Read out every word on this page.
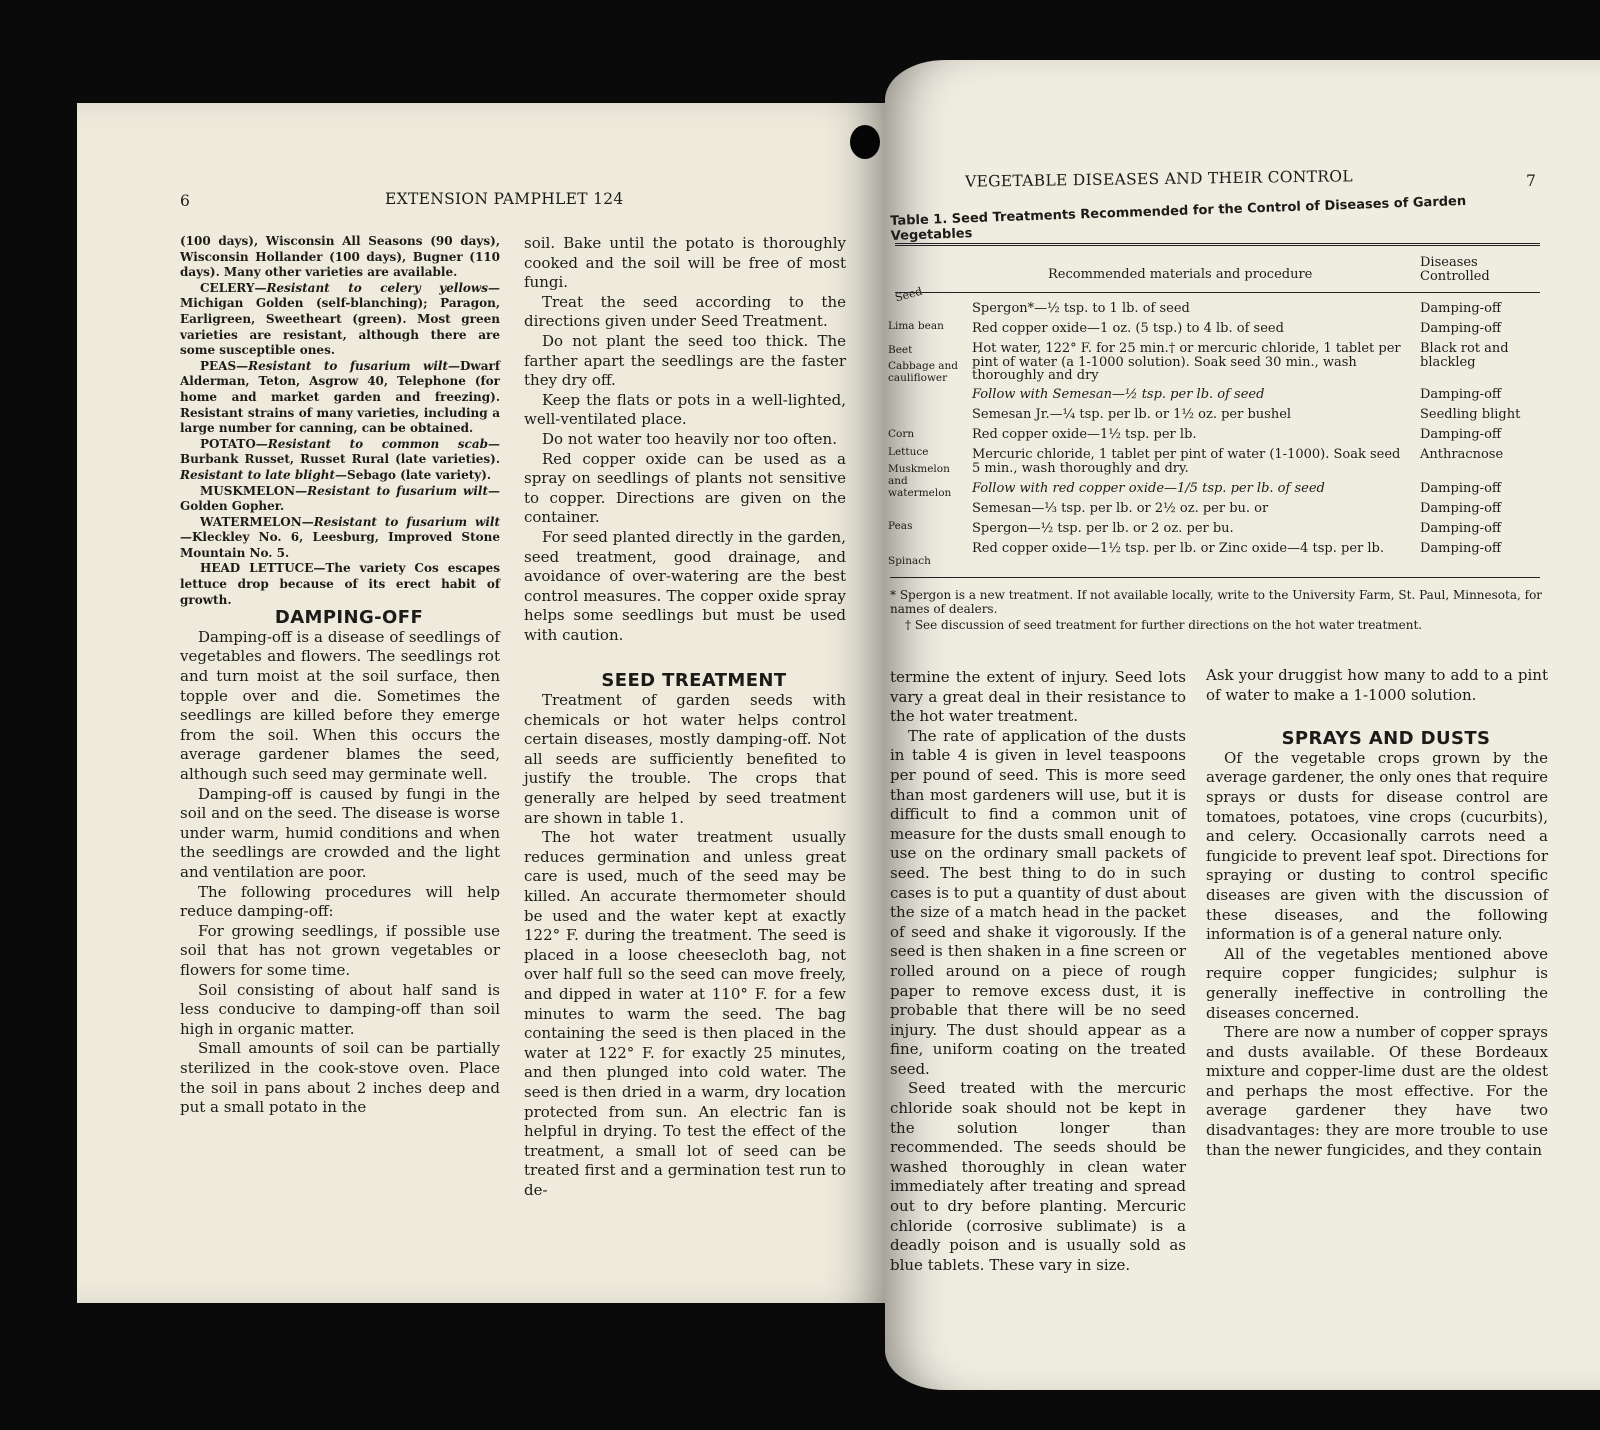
6	EXTENSION PAMPHLET 124

(100 days), Wisconsin All Seasons (90 days), Wisconsin Hollander (100 days), Bugner (110 days). Many other varieties are available.

CELERY—Resistant to celery yellows—Michigan Golden (self-blanching); Paragon, Earligreen, Sweetheart (green). Most green varieties are resistant, although there are some susceptible ones.

PEAS—Resistant to fusarium wilt—Dwarf Alderman, Teton, Asgrow 40, Telephone (for home and market garden and freezing). Resistant strains of many varieties, including a large number for canning, can be obtained.

POTATO—Resistant to common scab—Burbank Russet, Russet Rural (late varieties). Resistant to late blight—Sebago (late variety).

MUSKMELON—Resistant to fusarium wilt—Golden Gopher.

WATERMELON—Resistant to fusarium wilt—Kleckley No. 6, Leesburg, Improved Stone Mountain No. 5.

HEAD LETTUCE—The variety Cos escapes lettuce drop because of its erect habit of growth.

DAMPING-OFF

Damping-off is a disease of seedlings of vegetables and flowers. The seedlings rot and turn moist at the soil surface, then topple over and die. Sometimes the seedlings are killed before they emerge from the soil. When this occurs the average gardener blames the seed, although such seed may germinate well.

Damping-off is caused by fungi in the soil and on the seed. The disease is worse under warm, humid conditions and when the seedlings are crowded and the light and ventilation are poor.

The following procedures will help reduce damping-off:

For growing seedlings, if possible use soil that has not grown vegetables or flowers for some time.

Soil consisting of about half sand is less conducive to damping-off than soil high in organic matter.

Small amounts of soil can be partially sterilized in the cook-stove oven. Place the soil in pans about 2 inches deep and put a small potato in the

soil. Bake until the potato is thoroughly cooked and the soil will be free of most fungi.

Treat the seed according to the directions given under Seed Treatment.

Do not plant the seed too thick. The farther apart the seedlings are the faster they dry off.

Keep the flats or pots in a well-lighted, well-ventilated place.

Do not water too heavily nor too often.

Red copper oxide can be used as a spray on seedlings of plants not sensitive to copper. Directions are given on the container.

For seed planted directly in the garden, seed treatment, good drainage, and avoidance of over-watering are the best control measures. The copper oxide spray helps some seedlings but must be used with caution.

SEED TREATMENT

Treatment of garden seeds with chemicals or hot water helps control certain diseases, mostly damping-off. Not all seeds are sufficiently benefited to justify the trouble. The crops that generally are helped by seed treatment are shown in table 1.

The hot water treatment usually reduces germination and unless great care is used, much of the seed may be killed. An accurate thermometer should be used and the water kept at exactly 122° F. during the treatment. The seed is placed in a loose cheesecloth bag, not over half full so the seed can move freely, and dipped in water at 110° F. for a few minutes to warm the seed. The bag containing the seed is then placed in the water at 122° F. for exactly 25 minutes, and then plunged into cold water. The seed is then dried in a warm, dry location protected from sun. An electric fan is helpful in drying. To test the effect of the treatment, a small lot of seed can be treated first and a germination test run to de-

VEGETABLE DISEASES AND THEIR CONTROL	7
Table 1. Seed Treatments Recommended for the Control of Diseases of Garden Vegetables
Recommended materials and procedure
Diseases Controlled
Seed
Lima bean
Beet
Cabbage and cauliflower
Corn
Lettuce
Muskmelon and watermelon
Peas
Spinach
Spergon*—½ tsp. to 1 lb. of seed
Red copper oxide—1 oz. (5 tsp.) to 4 lb. of seed
Hot water, 122° F. for 25 min.† or mercuric chloride, 1 tablet per pint of water (a 1-1000 solution). Soak seed 30 min., wash thoroughly and dry
Follow with Semesan—½ tsp. per lb. of seed
Semesan Jr.—¼ tsp. per lb. or 1½ oz. per bushel
Red copper oxide—1½ tsp. per lb.
Mercuric chloride, 1 tablet per pint of water (1-1000). Soak seed 5 min., wash thoroughly and dry.
Follow with red copper oxide—1/5 tsp. per lb. of seed
Semesan—⅓ tsp. per lb. or 2½ oz. per bu. or
Spergon—½ tsp. per lb. or 2 oz. per bu.
Red copper oxide—1½ tsp. per lb. or Zinc oxide—4 tsp. per lb.
Damping-off
Damping-off
Black rot and blackleg
Damping-off
Seedling blight
Damping-off
Anthracnose
Damping-off
Damping-off
Damping-off
Damping-off
* Spergon is a new treatment. If not available locally, write to the University Farm, St. Paul, Minnesota, for names of dealers.
† See discussion of seed treatment for further directions on the hot water treatment.

termine the extent of injury. Seed lots vary a great deal in their resistance to the hot water treatment.

The rate of application of the dusts in table 4 is given in level teaspoons per pound of seed. This is more seed than most gardeners will use, but it is difficult to find a common unit of measure for the dusts small enough to use on the ordinary small packets of seed. The best thing to do in such cases is to put a quantity of dust about the size of a match head in the packet of seed and shake it vigorously. If the seed is then shaken in a fine screen or rolled around on a piece of rough paper to remove excess dust, it is probable that there will be no seed injury. The dust should appear as a fine, uniform coating on the treated seed.

Seed treated with the mercuric chloride soak should not be kept in the solution longer than recommended. The seeds should be washed thoroughly in clean water immediately after treating and spread out to dry before planting. Mercuric chloride (corrosive sublimate) is a deadly poison and is usually sold as blue tablets. These vary in size.

Ask your druggist how many to add to a pint of water to make a 1-1000 solution.

SPRAYS AND DUSTS

Of the vegetable crops grown by the average gardener, the only ones that require sprays or dusts for disease control are tomatoes, potatoes, vine crops (cucurbits), and celery. Occasionally carrots need a fungicide to prevent leaf spot. Directions for spraying or dusting to control specific diseases are given with the discussion of these diseases, and the following information is of a general nature only.

All of the vegetables mentioned above require copper fungicides; sulphur is generally ineffective in controlling the diseases concerned.

There are now a number of copper sprays and dusts available. Of these Bordeaux mixture and copper-lime dust are the oldest and perhaps the most effective. For the average gardener they have two disadvantages: they are more trouble to use than the newer fungicides, and they contain
